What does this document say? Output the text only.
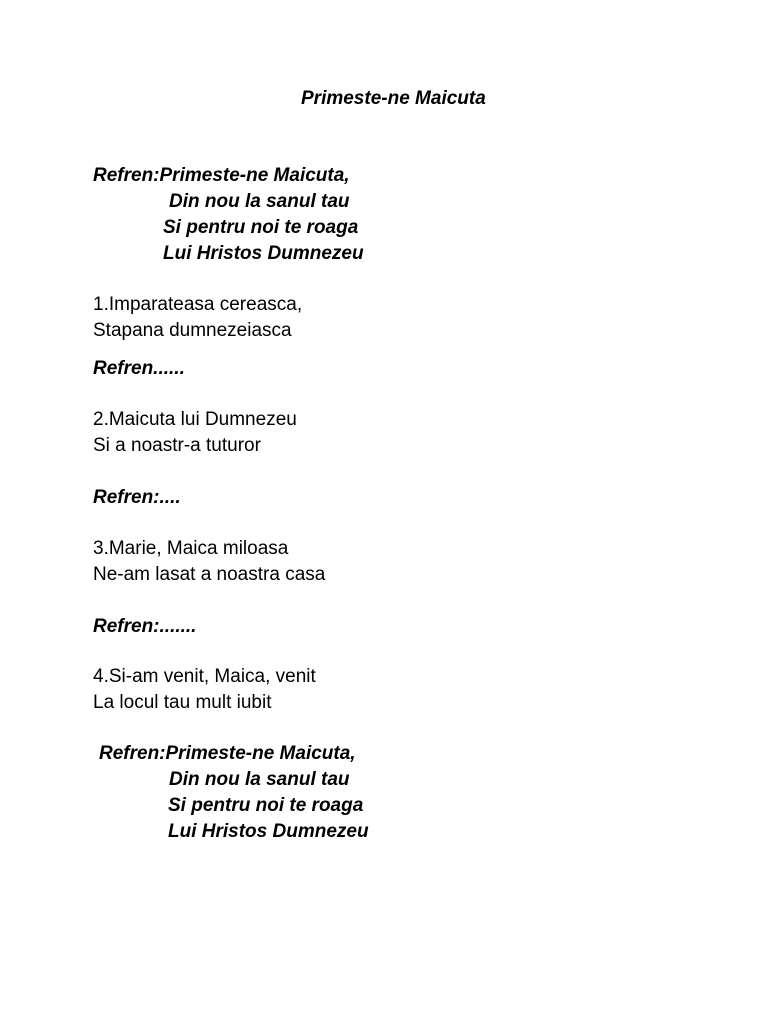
Primeste-ne Maicuta
Refren:Primeste-ne Maicuta,
Din nou la sanul tau
Si pentru noi te roaga
Lui Hristos Dumnezeu
1.Imparateasa cereasca,
Stapana dumnezeiasca
Refren......
2.Maicuta lui Dumnezeu
Si a noastr-a tuturor
Refren:....
3.Marie, Maica miloasa
Ne-am lasat a noastra casa
Refren:.......
4.Si-am venit, Maica, venit
La locul tau mult iubit
Refren:Primeste-ne Maicuta,
Din nou la sanul tau
Si pentru noi te roaga
Lui Hristos Dumnezeu
